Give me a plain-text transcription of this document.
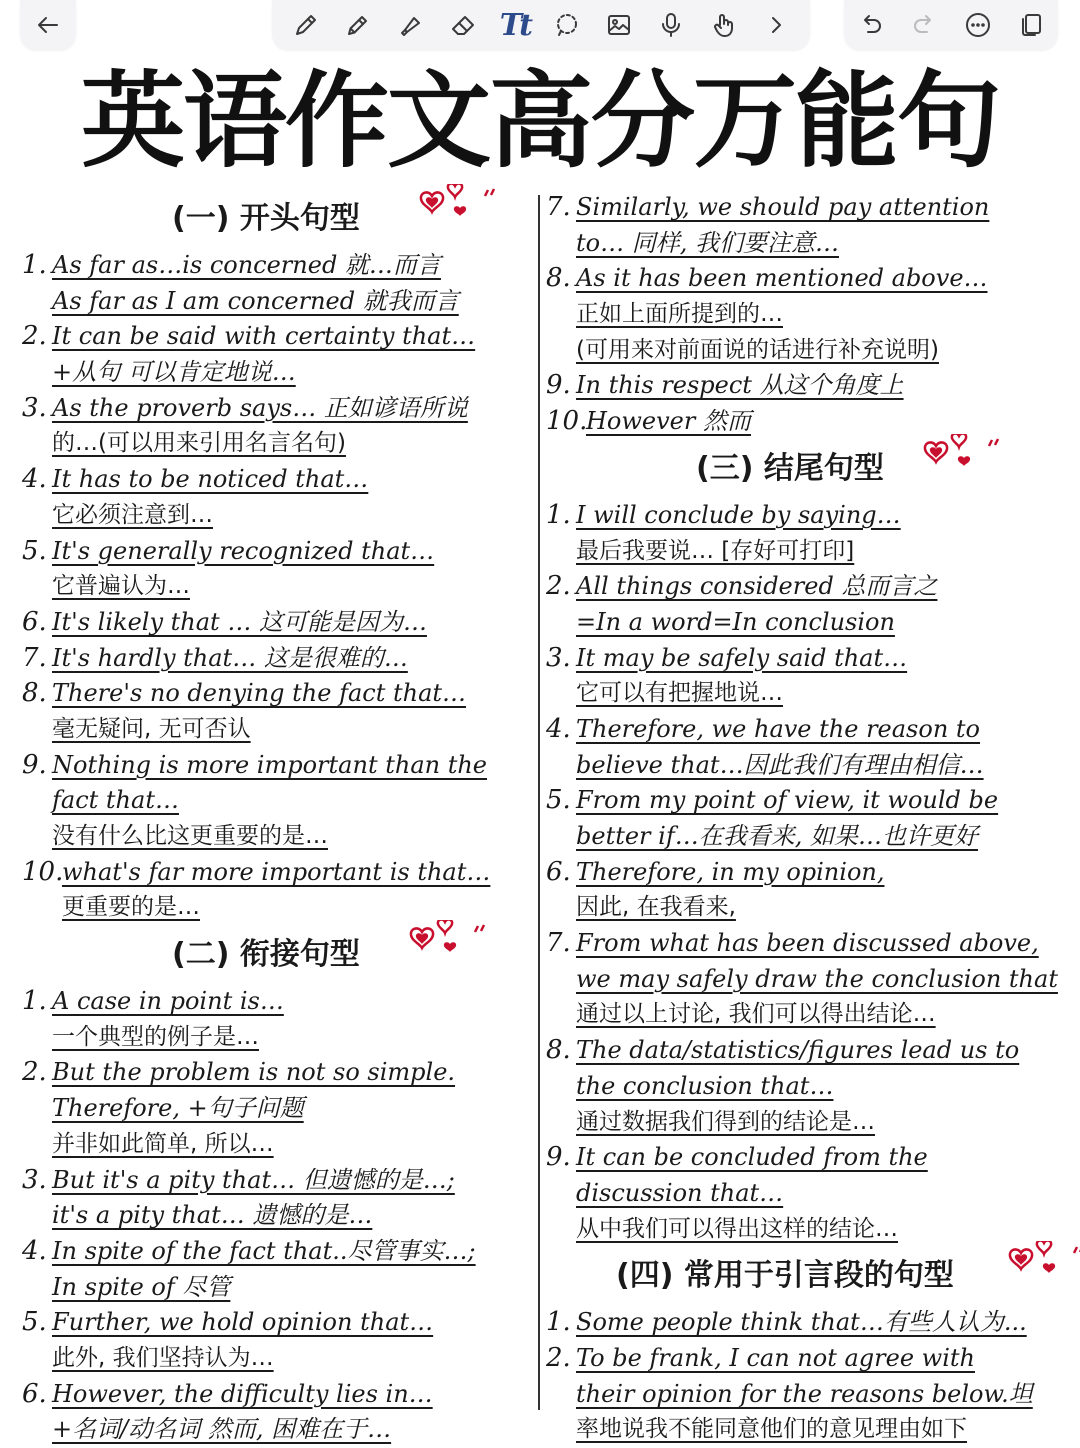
Tt
英语作文高分万能句
(一) 开头句型
1. As far as…is concerned 就…而言
As far as I am concerned 就我而言
2. It can be said with certainty that…
+从句 可以肯定地说…
3. As the proverb says… 正如谚语所说
的…(可以用来引用名言名句)
4. It has to be noticed that…
它必须注意到…
5. It's generally recognized that…
它普遍认为…
6. It's likely that … 这可能是因为…
7. It's hardly that… 这是很难的…
8. There's no denying the fact that…
毫无疑问, 无可否认
9. Nothing is more important than the
fact that…
没有什么比这更重要的是…
10.
what's far more important is that…
更重要的是…
(二) 衔接句型
1. A case in point is…
一个典型的例子是…
2. But the problem is not so simple.
Therefore, +句子问题
并非如此简单, 所以…
3. But it's a pity that… 但遗憾的是…;
it's a pity that… 遗憾的是…
4. In spite of the fact that..尽管事实…;
In spite of 尽管
5. Further, we hold opinion that…
此外, 我们坚持认为…
6. However, the difficulty lies in…
+名词/动名词 然而, 困难在于…
7. Similarly, we should pay attention
to… 同样, 我们要注意…
8. As it has been mentioned above…
正如上面所提到的…
(可用来对前面说的话进行补充说明)
9. In this respect 从这个角度上
10.
However 然而
(三) 结尾句型
1. I will conclude by saying…
最后我要说… [存好可打印]
2. All things considered 总而言之
=In a word=In conclusion
3. It may be safely said that…
它可以有把握地说…
4. Therefore, we have the reason to
believe that…因此我们有理由相信…
5. From my point of view, it would be
better if…在我看来, 如果…也许更好
6. Therefore, in my opinion,
因此, 在我看来,
7. From what has been discussed above,
we may safely draw the conclusion that
通过以上讨论, 我们可以得出结论…
8. The data/statistics/figures lead us to
the conclusion that…
通过数据我们得到的结论是…
9. It can be concluded from the
discussion that…
从中我们可以得出这样的结论…
(四) 常用于引言段的句型
1. Some people think that…有些人认为...
2. To be frank, I can not agree with
their opinion for the reasons below.坦
率地说我不能同意他们的意见理由如下
